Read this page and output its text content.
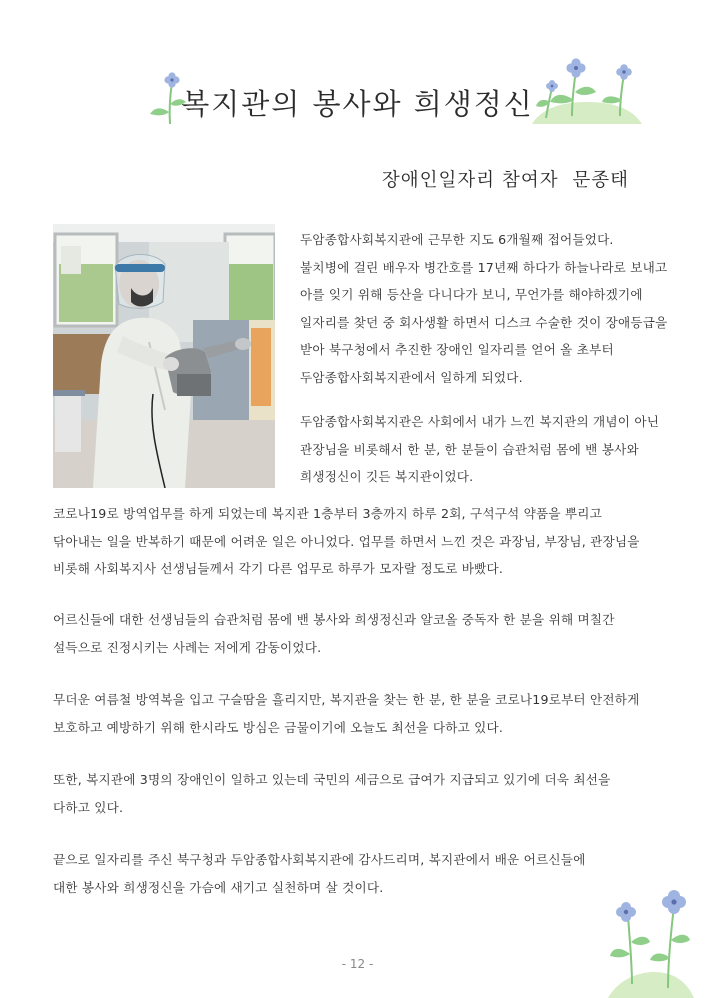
복지관의 봉사와 희생정신
장애인일자리 참여자  문종태
두암종합사회복지관에 근무한 지도 6개월째 접어들었다.
불치병에 걸린 배우자 병간호를 17년째 하다가 하늘나라로 보내고
아를 잊기 위해 등산을 다니다가 보니, 무언가를 해야하겠기에
일자리를 찾던 중 회사생활 하면서 디스크 수술한 것이 장애등급을
받아 북구청에서 추진한 장애인 일자리를 얻어 올 초부터
두암종합사회복지관에서 일하게 되었다.
두암종합사회복지관은 사회에서 내가 느낀 복지관의 개념이 아닌
관장님을 비롯해서 한 분, 한 분들이 습관처럼 몸에 밴 봉사와
희생정신이 깃든 복지관이었다.
코로나19로 방역업무를 하게 되었는데 복지관 1층부터 3층까지 하루 2회, 구석구석 약품을 뿌리고
닦아내는 일을 반복하기 때문에 어려운 일은 아니었다. 업무를 하면서 느낀 것은 과장님, 부장님, 관장님을
비롯해 사회복지사 선생님들께서 각기 다른 업무로 하루가 모자랄 정도로 바빴다.
어르신들에 대한 선생님들의 습관처럼 몸에 밴 봉사와 희생정신과 알코올 중독자 한 분을 위해 며칠간
설득으로 진정시키는 사례는 저에게 감동이었다.
무더운 여름철 방역복을 입고 구슬땀을 흘리지만, 복지관을 찾는 한 분, 한 분을 코로나19로부터 안전하게
보호하고 예방하기 위해 한시라도 방심은 금물이기에 오늘도 최선을 다하고 있다.
또한, 복지관에 3명의 장애인이 일하고 있는데 국민의 세금으로 급여가 지급되고 있기에 더욱 최선을
다하고 있다.
끝으로 일자리를 주신 북구청과 두암종합사회복지관에 감사드리며, 복지관에서 배운 어르신들에
대한 봉사와 희생정신을 가슴에 새기고 실천하며 살 것이다.
- 12 -
